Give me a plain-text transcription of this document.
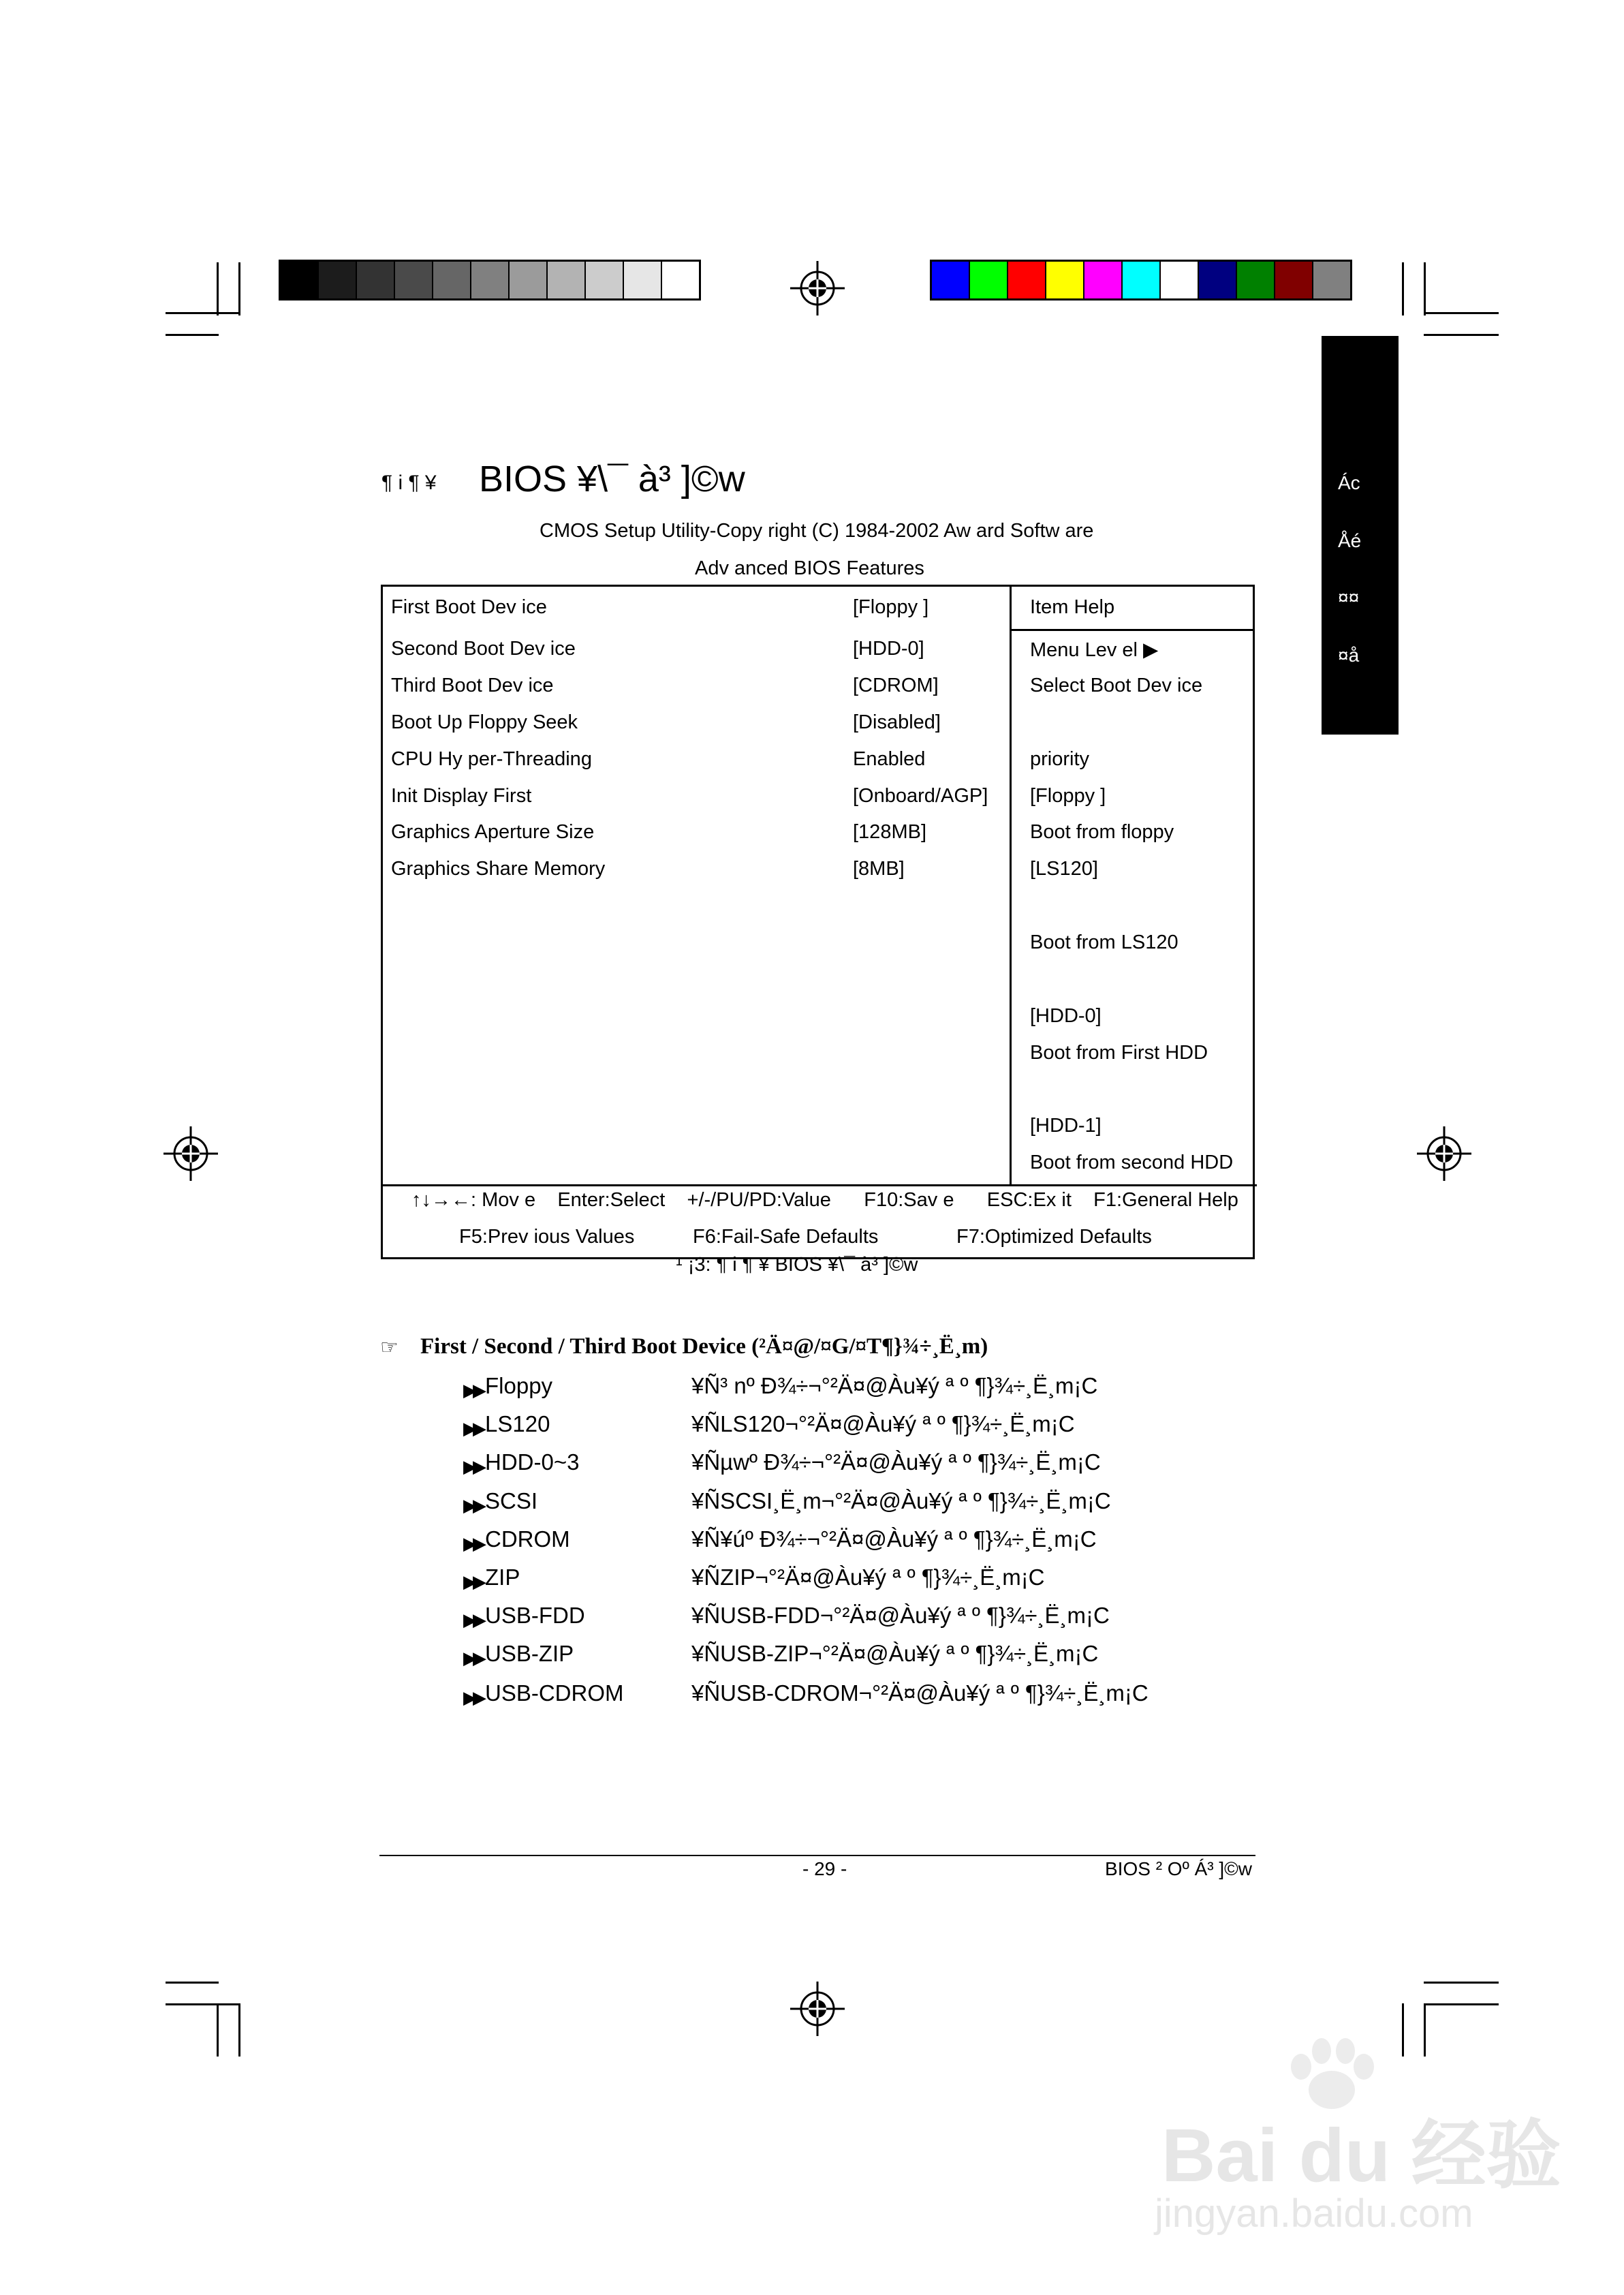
Ác
Åé
¤¤
¤å
¶ i ¶ ¥ BIOS ¥\¯ à³ ]©w
CMOS Setup Utility-Copy right (C) 1984-2002 Aw ard Softw are
Adv anced BIOS Features
First Boot Dev ice	[Floppy ]
Second Boot Dev ice	[HDD-0]
Third Boot Dev ice	[CDROM]
Boot Up Floppy Seek	[Disabled]
CPU Hy per-Threading	Enabled
Init Display First	[Onboard/AGP]
Graphics Aperture Size	[128MB]
Graphics Share Memory	[8MB]
Item Help
Menu Lev el ▶
Select Boot Dev ice
priority
[Floppy ]
Boot from floppy
[LS120]
Boot from LS120
[HDD-0]
Boot from First HDD
[HDD-1]
Boot from second HDD
↑↓→←: Mov e    Enter:Select    +/-/PU/PD:Value      F10:Sav e      ESC:Ex it    F1:General Help
F5:Prev ious Values	F6:Fail-Safe Defaults	F7:Optimized Defaults
¹ ¡3: ¶ i ¶ ¥ BIOS ¥\¯ à³ ]©w
☞ First / Second / Third Boot Device (²Ä¤@/¤G/¤T¶}¾÷¸Ë¸m)
▶▶ Floppy	¥Ñ³ nº Ð¾÷¬°²Ä¤@Àu¥ý ª º ¶}¾÷¸Ë¸m¡C
▶▶ LS120	¥ÑLS120¬°²Ä¤@Àu¥ý ª º ¶}¾÷¸Ë¸m¡C
▶▶ HDD-0~3	¥Ñµwº Ð¾÷¬°²Ä¤@Àu¥ý ª º ¶}¾÷¸Ë¸m¡C
▶▶ SCSI	¥ÑSCSI¸Ë¸m¬°²Ä¤@Àu¥ý ª º ¶}¾÷¸Ë¸m¡C
▶▶ CDROM	¥Ñ¥úº Ð¾÷¬°²Ä¤@Àu¥ý ª º ¶}¾÷¸Ë¸m¡C
▶▶ ZIP	¥ÑZIP¬°²Ä¤@Àu¥ý ª º ¶}¾÷¸Ë¸m¡C
▶▶ USB-FDD	¥ÑUSB-FDD¬°²Ä¤@Àu¥ý ª º ¶}¾÷¸Ë¸m¡C
▶▶ USB-ZIP	¥ÑUSB-ZIP¬°²Ä¤@Àu¥ý ª º ¶}¾÷¸Ë¸m¡C
▶▶ USB-CDROM	¥ÑUSB-CDROM¬°²Ä¤@Àu¥ý ª º ¶}¾÷¸Ë¸m¡C
- 29 -	BIOS ² Oº Á³ ]©w
Bai du 经验
jingyan.baidu.com
